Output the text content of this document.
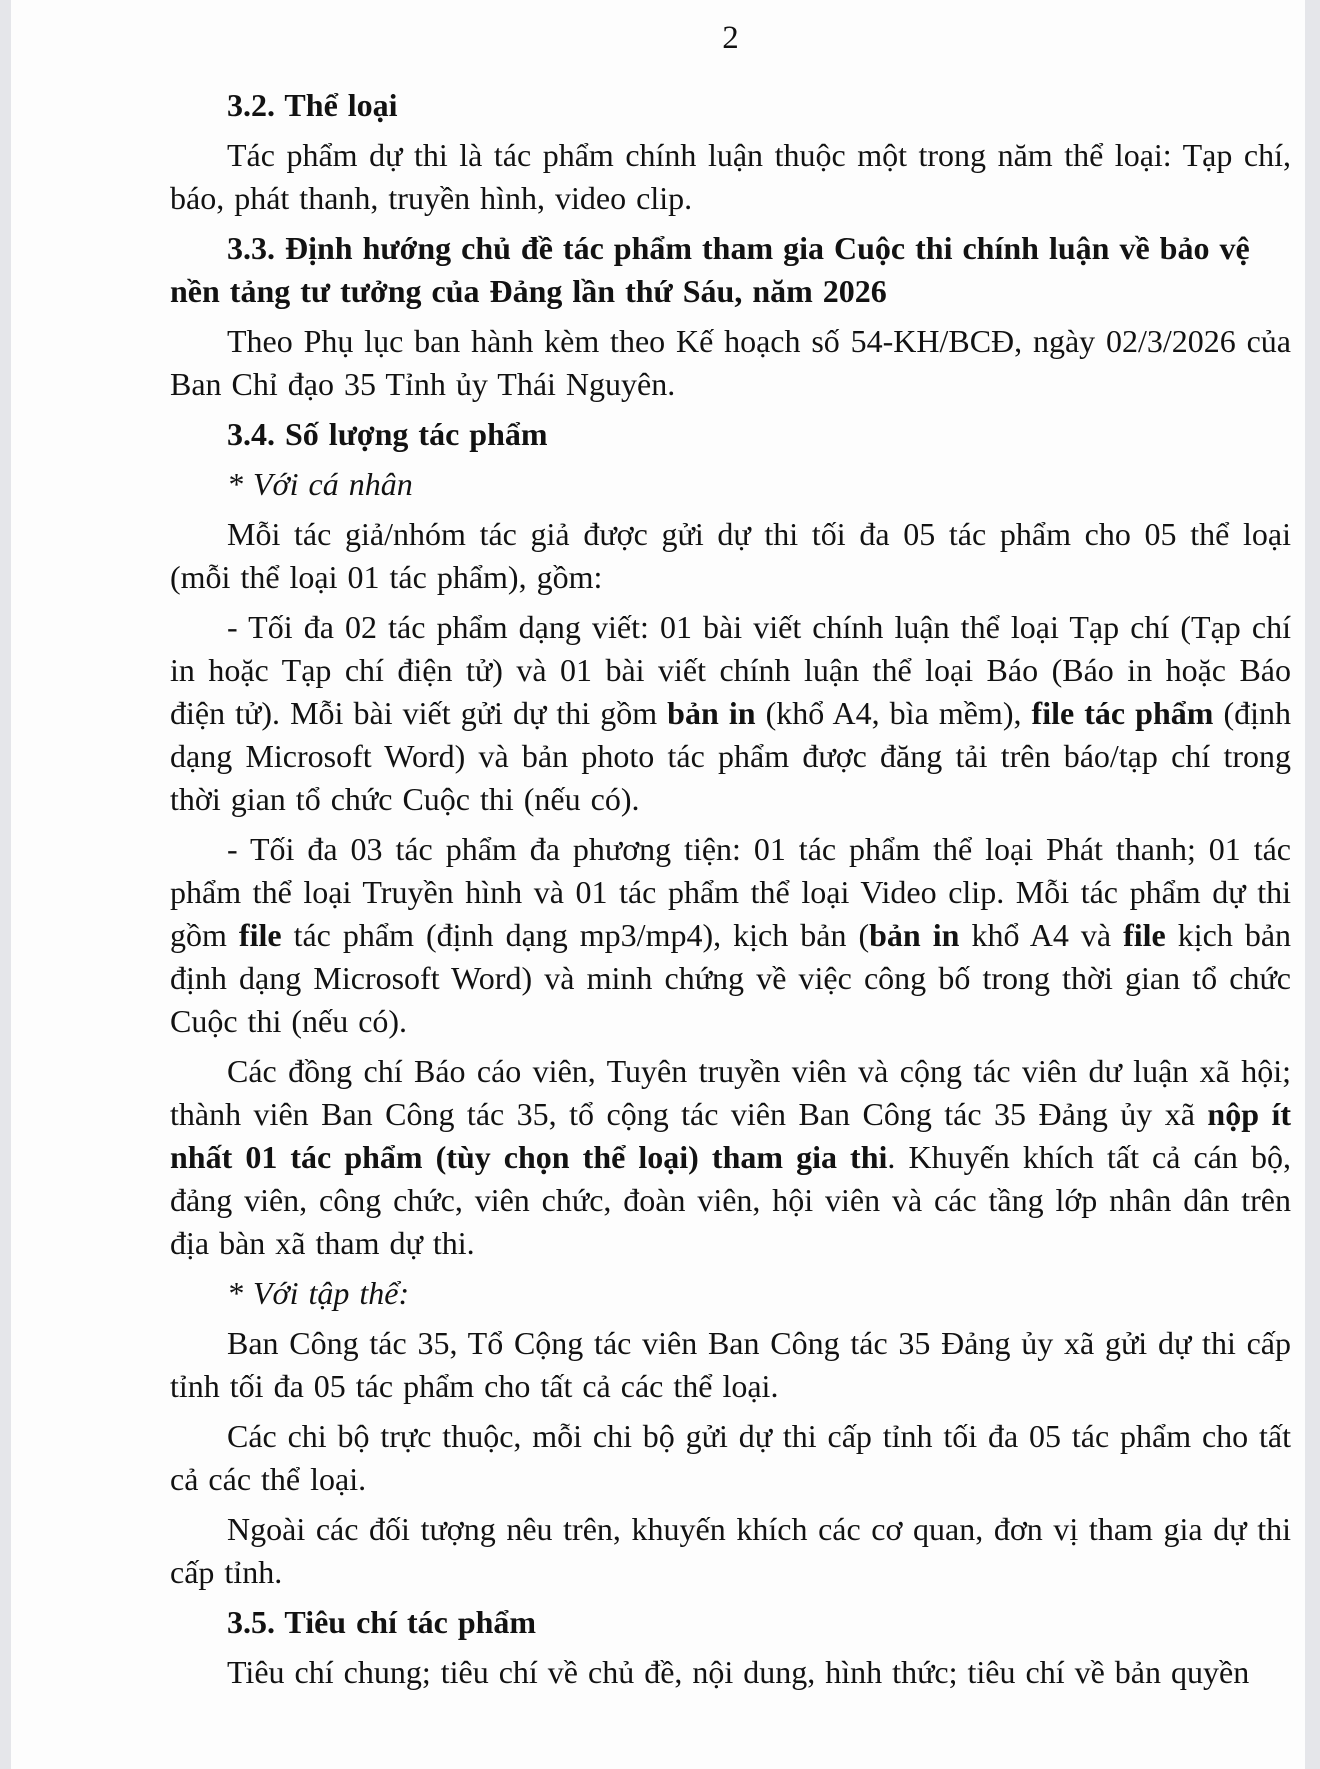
2

3.2. Thể loại

Tác phẩm dự thi là tác phẩm chính luận thuộc một trong năm thể loại: Tạp chí, báo, phát thanh, truyền hình, video clip.

3.3. Định hướng chủ đề tác phẩm tham gia Cuộc thi chính luận về bảo vệ nền tảng tư tưởng của Đảng lần thứ Sáu, năm 2026

Theo Phụ lục ban hành kèm theo Kế hoạch số 54-KH/BCĐ, ngày 02/3/2026 của Ban Chỉ đạo 35 Tỉnh ủy Thái Nguyên.

3.4. Số lượng tác phẩm

* Với cá nhân

Mỗi tác giả/nhóm tác giả được gửi dự thi tối đa 05 tác phẩm cho 05 thể loại (mỗi thể loại 01 tác phẩm), gồm:

- Tối đa 02 tác phẩm dạng viết: 01 bài viết chính luận thể loại Tạp chí (Tạp chí in hoặc Tạp chí điện tử) và 01 bài viết chính luận thể loại Báo (Báo in hoặc Báo điện tử). Mỗi bài viết gửi dự thi gồm bản in (khổ A4, bìa mềm), file tác phẩm (định dạng Microsoft Word) và bản photo tác phẩm được đăng tải trên báo/tạp chí trong thời gian tổ chức Cuộc thi (nếu có).

- Tối đa 03 tác phẩm đa phương tiện: 01 tác phẩm thể loại Phát thanh; 01 tác phẩm thể loại Truyền hình và 01 tác phẩm thể loại Video clip. Mỗi tác phẩm dự thi gồm file tác phẩm (định dạng mp3/mp4), kịch bản (bản in khổ A4 và file kịch bản định dạng Microsoft Word) và minh chứng về việc công bố trong thời gian tổ chức Cuộc thi (nếu có).

Các đồng chí Báo cáo viên, Tuyên truyền viên và cộng tác viên dư luận xã hội; thành viên Ban Công tác 35, tổ cộng tác viên Ban Công tác 35 Đảng ủy xã nộp ít nhất 01 tác phẩm (tùy chọn thể loại) tham gia thi. Khuyến khích tất cả cán bộ, đảng viên, công chức, viên chức, đoàn viên, hội viên và các tầng lớp nhân dân trên địa bàn xã tham dự thi.

* Với tập thể:

Ban Công tác 35, Tổ Cộng tác viên Ban Công tác 35 Đảng ủy xã gửi dự thi cấp tỉnh tối đa 05 tác phẩm cho tất cả các thể loại.

Các chi bộ trực thuộc, mỗi chi bộ gửi dự thi cấp tỉnh tối đa 05 tác phẩm cho tất cả các thể loại.

Ngoài các đối tượng nêu trên, khuyến khích các cơ quan, đơn vị tham gia dự thi cấp tỉnh.

3.5. Tiêu chí tác phẩm

Tiêu chí chung; tiêu chí về chủ đề, nội dung, hình thức; tiêu chí về bản quyền
